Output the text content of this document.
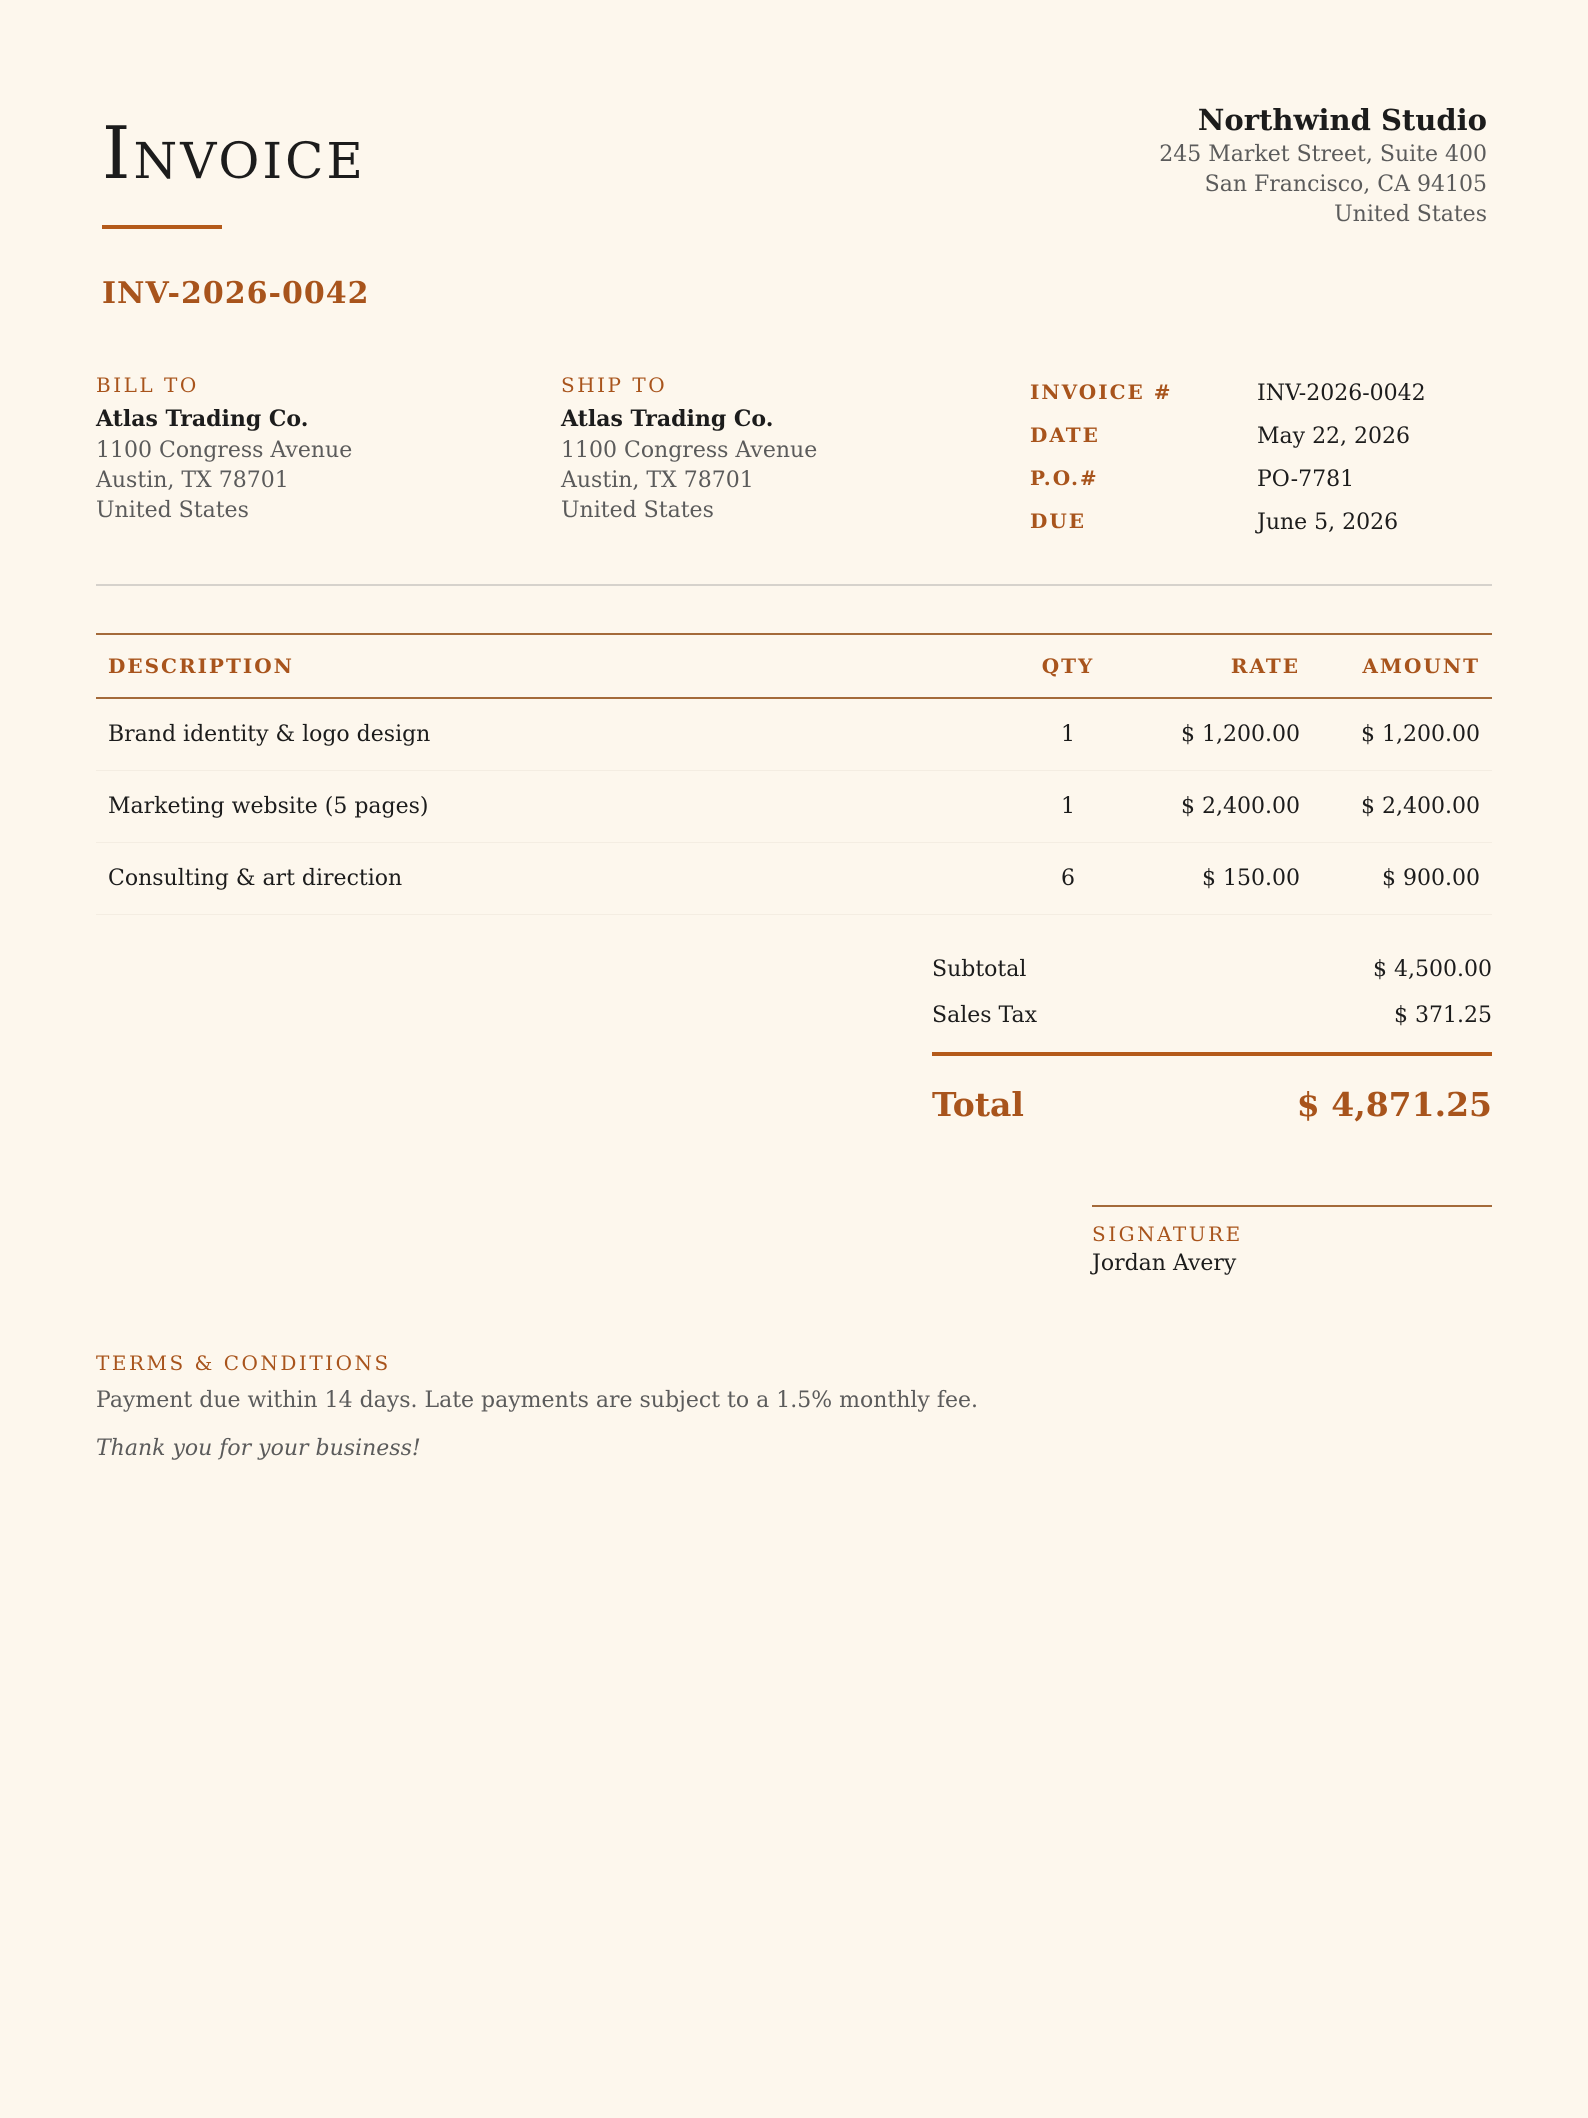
Invoice
INV-2026-0042
Northwind Studio
245 Market Street, Suite 400
San Francisco, CA 94105
United States
BILL TO
Atlas Trading Co.
1100 Congress Avenue
Austin, TX 78701
United States
SHIP TO
Atlas Trading Co.
1100 Congress Avenue
Austin, TX 78701
United States
INVOICE #	INV-2026-0042
DATE	May 22, 2026
P.O.#	PO-7781
DUE	June 5, 2026
DESCRIPTION	QTY	RATE	AMOUNT
Brand identity & logo design	1	$ 1,200.00	$ 1,200.00
Marketing website (5 pages)	1	$ 2,400.00	$ 2,400.00
Consulting & art direction	6	$ 150.00	$ 900.00
Subtotal	$ 4,500.00
Sales Tax	$ 371.25
Total	$ 4,871.25
SIGNATURE
Jordan Avery
TERMS & CONDITIONS
Payment due within 14 days. Late payments are subject to a 1.5% monthly fee.
Thank you for your business!
